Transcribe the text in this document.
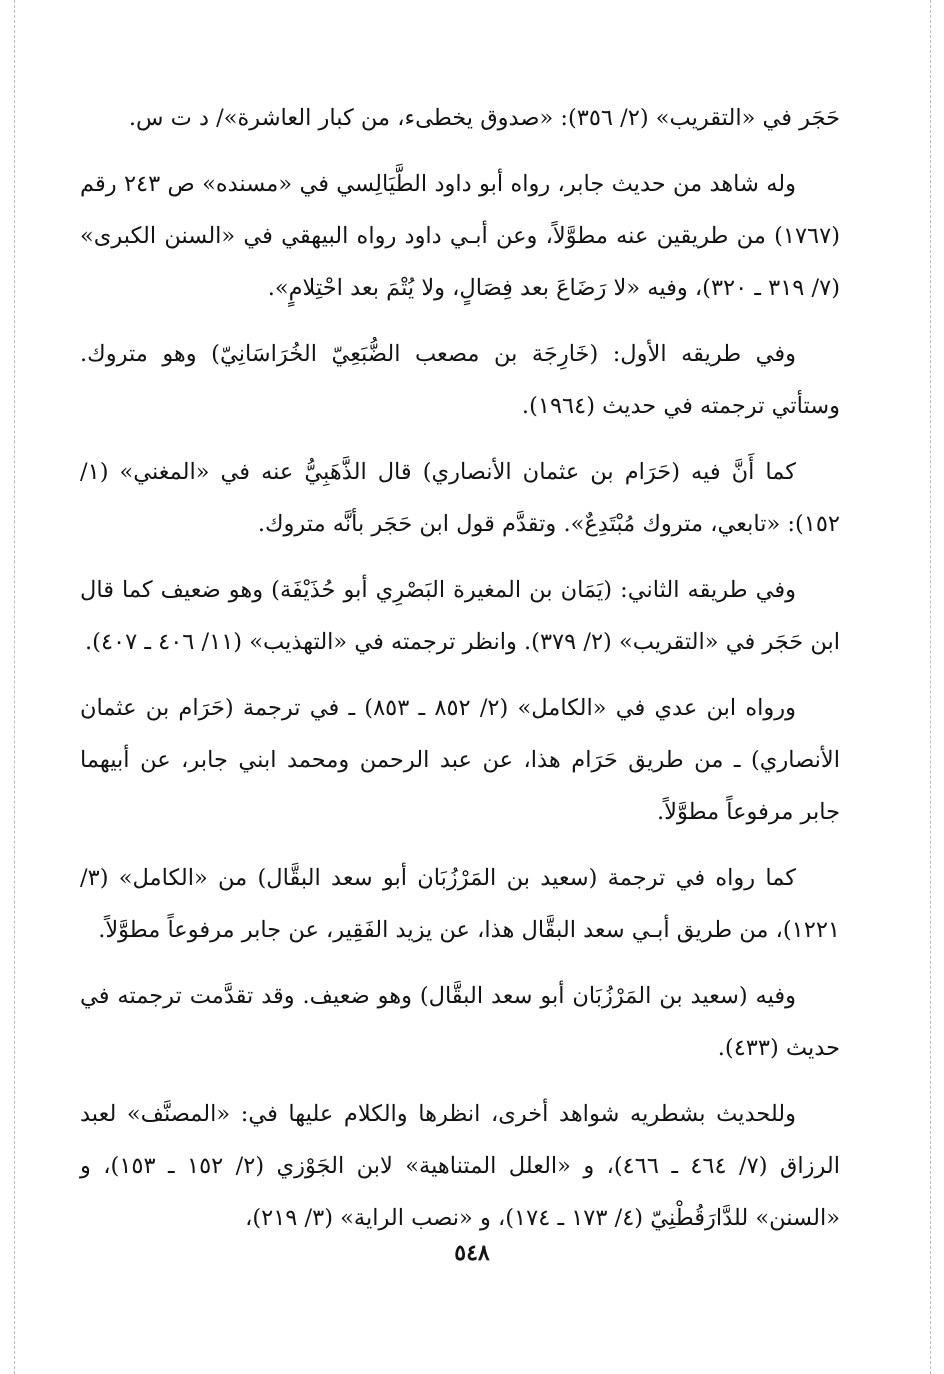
حَجَر في «التقريب» (٢/ ٣٥٦): «صدوق يخطىء، من كبار العاشرة»/ د ت س.

وله شاهد من حديث جابر، رواه أبو داود الطَّيَالِسي في «مسنده» ص ٢٤٣ رقم (١٧٦٧) من طريقين عنه مطوَّلاً، وعن أبـي داود رواه البيهقي في «السنن الكبرى» (٧/ ٣١٩ ـ ٣٢٠)، وفيه «لا رَضَاعَ بعد فِصَالٍ، ولا يُتْمَ بعد احْتِلامٍ».

وفي طريقه الأول: (خَارِجَة بن مصعب الضُّبَعِيّ الخُرَاسَانِيّ) وهو متروك. وستأتي ترجمته في حديث (١٩٦٤).

كما أَنَّ فيه (حَرَام بن عثمان الأنصاري) قال الذَّهَبِيُّ عنه في «المغني» (١/ ١٥٢): «تابعي، متروك مُبْتَدِعٌ». وتقدَّم قول ابن حَجَر بأنَّه متروك.

وفي طريقه الثاني: (يَمَان بن المغيرة البَصْرِي أبو حُذَيْفَة) وهو ضعيف كما قال ابن حَجَر في «التقريب» (٢/ ٣٧٩). وانظر ترجمته في «التهذيب» (١١/ ٤٠٦ ـ ٤٠٧).

ورواه ابن عدي في «الكامل» (٢/ ٨٥٢ ـ ٨٥٣) ـ في ترجمة (حَرَام بن عثمان الأنصاري) ـ من طريق حَرَام هذا، عن عبد الرحمن ومحمد ابني جابر، عن أبيهما جابر مرفوعاً مطوَّلاً.

كما رواه في ترجمة (سعيد بن المَرْزُبَان أبو سعد البقَّال) من «الكامل» (٣/ ١٢٢١)، من طريق أبـي سعد البقَّال هذا، عن يزيد الفَقِير، عن جابر مرفوعاً مطوَّلاً.

وفيه (سعيد بن المَرْزُبَان أبو سعد البقَّال) وهو ضعيف. وقد تقدَّمت ترجمته في حديث (٤٣٣).

وللحديث بشطريه شواهد أخرى، انظرها والكلام عليها في: «المصنَّف» لعبد الرزاق (٧/ ٤٦٤ ـ ٤٦٦)، و «العلل المتناهية» لابن الجَوْزي (٢/ ١٥٢ ـ ١٥٣)، و «السنن» للدَّارَقُطْنِيّ (٤/ ١٧٣ ـ ١٧٤)، و «نصب الراية» (٣/ ٢١٩)،

٥٤٨
